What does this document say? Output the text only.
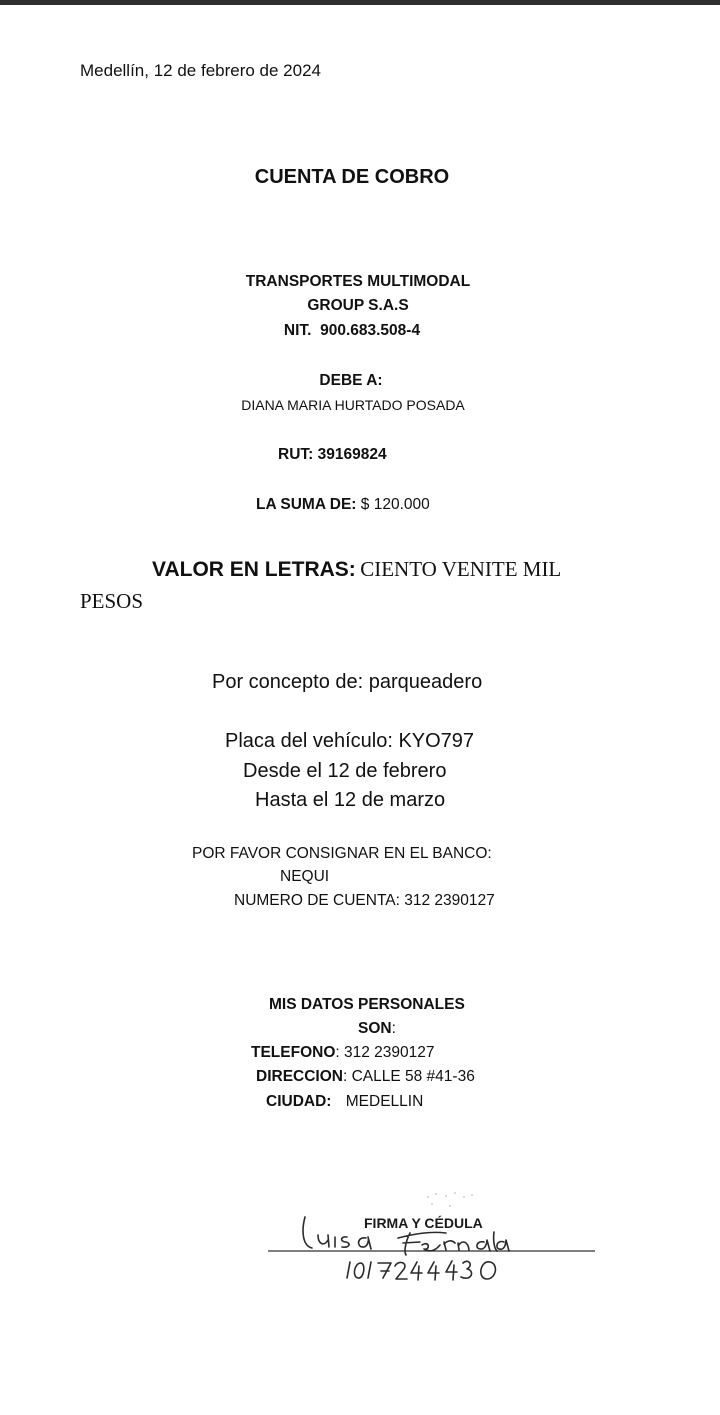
Medellín, 12 de febrero de 2024
CUENTA DE COBRO
TRANSPORTES MULTIMODAL
GROUP S.A.S
NIT.  900.683.508-4
DEBE A:
DIANA MARIA HURTADO POSADA
RUT: 39169824
LA SUMA DE: $ 120.000
VALOR EN LETRAS: CIENTO VENITE MIL
PESOS
Por concepto de: parqueadero
Placa del vehículo: KYO797
Desde el 12 de febrero
Hasta el 12 de marzo
POR FAVOR CONSIGNAR EN EL BANCO:
NEQUI
NUMERO DE CUENTA: 312 2390127
MIS DATOS PERSONALES
SON:
TELEFONO: 312 2390127
DIRECCION: CALLE 58 #41-36
CIUDAD: MEDELLIN
FIRMA Y CÉDULA
